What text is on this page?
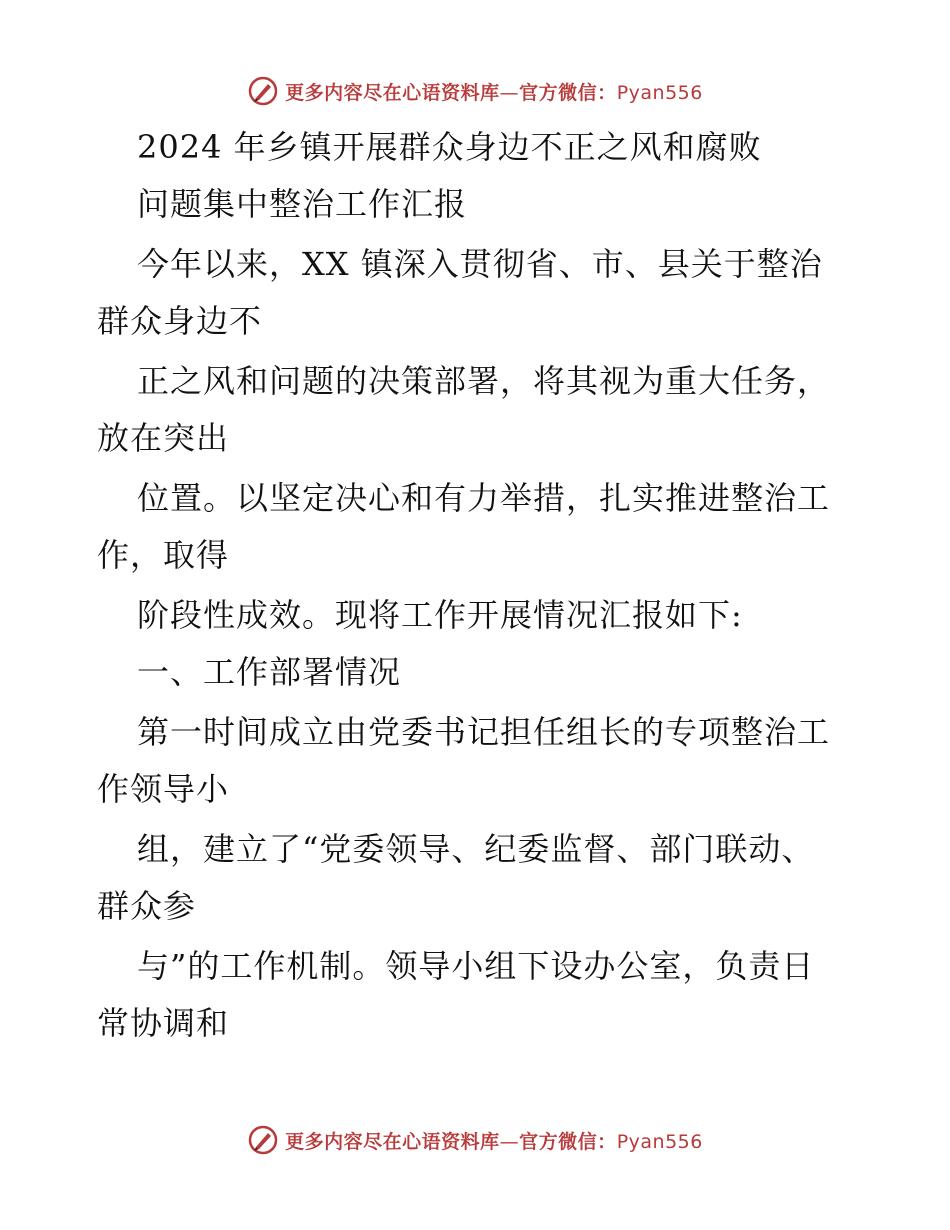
更多内容尽在心语资料库—官方微信：Pyan556
2024 年乡镇开展群众身边不正之风和腐败
问题集中整治工作汇报
今年以来，XX 镇深入贯彻省、市、县关于整治
群众身边不
正之风和问题的决策部署，将其视为重大任务，
放在突出
位置。以坚定决心和有力举措，扎实推进整治工
作，取得
阶段性成效。现将工作开展情况汇报如下:
一、工作部署情况
第一时间成立由党委书记担任组长的专项整治工
作领导小
组，建立了“党委领导、纪委监督、部门联动、
群众参
与”的工作机制。领导小组下设办公室，负责日
常协调和
更多内容尽在心语资料库—官方微信：Pyan556
